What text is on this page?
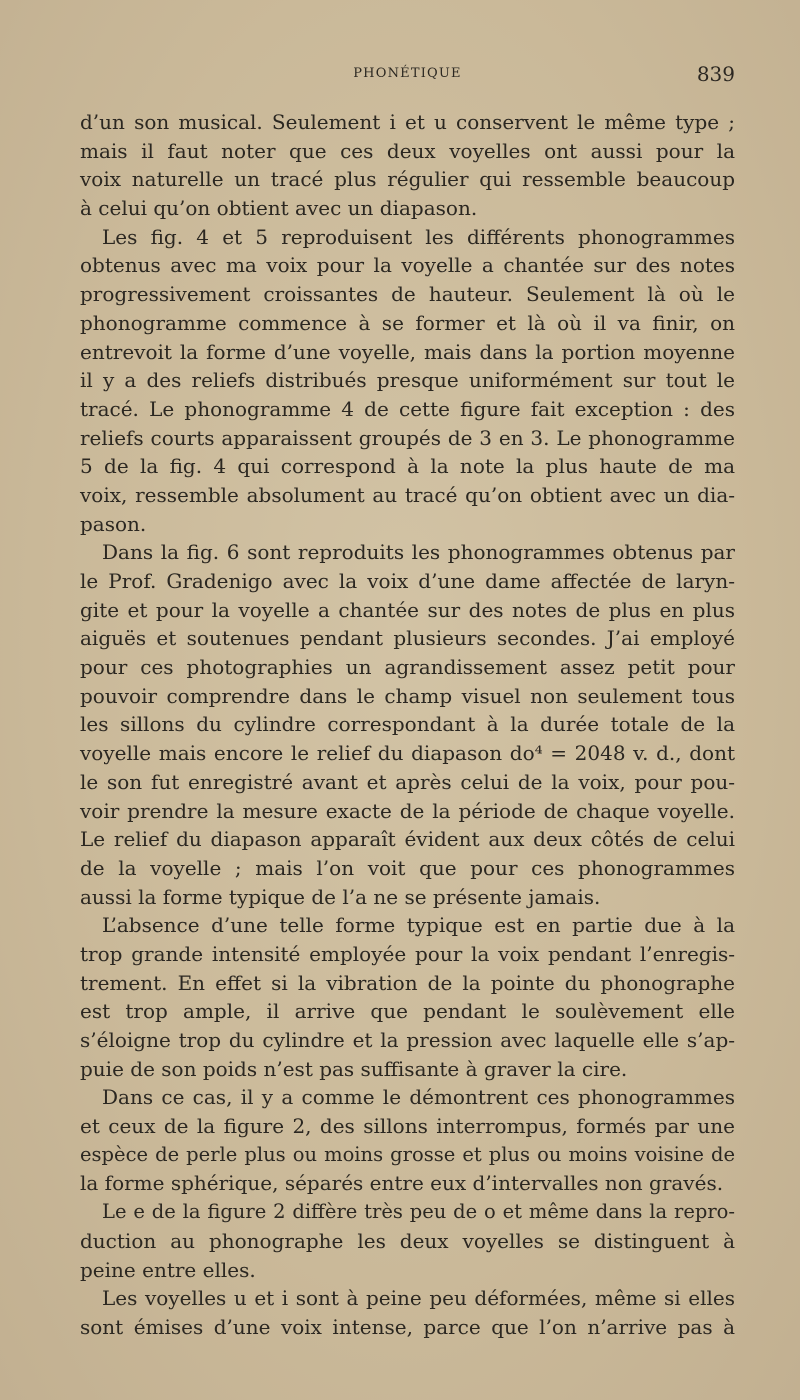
PHONÉTIQUE	839
d’un son musical. Seulement i et u conservent le même type ;
mais il faut noter que ces deux voyelles ont aussi pour la
voix naturelle un tracé plus régulier qui ressemble beaucoup
à celui qu’on obtient avec un diapason.
Les fig. 4 et 5 reproduisent les différents phonogrammes
obtenus avec ma voix pour la voyelle a chantée sur des notes
progressivement croissantes de hauteur. Seulement là où le
phonogramme commence à se former et là où il va finir, on
entrevoit la forme d’une voyelle, mais dans la portion moyenne
il y a des reliefs distribués presque uniformément sur tout le
tracé. Le phonogramme 4 de cette figure fait exception : des
reliefs courts apparaissent groupés de 3 en 3. Le phonogramme
5 de la fig. 4 qui correspond à la note la plus haute de ma
voix, ressemble absolument au tracé qu’on obtient avec un dia-
pason.
Dans la fig. 6 sont reproduits les phonogrammes obtenus par
le Prof. Gradenigo avec la voix d’une dame affectée de laryn-
gite et pour la voyelle a chantée sur des notes de plus en plus
aiguës et soutenues pendant plusieurs secondes. J’ai employé
pour ces photographies un agrandissement assez petit pour
pouvoir comprendre dans le champ visuel non seulement tous
les sillons du cylindre correspondant à la durée totale de la
voyelle mais encore le relief du diapason do⁴ = 2048 v. d., dont
le son fut enregistré avant et après celui de la voix, pour pou-
voir prendre la mesure exacte de la période de chaque voyelle.
Le relief du diapason apparaît évident aux deux côtés de celui
de la voyelle ; mais l’on voit que pour ces phonogrammes
aussi la forme typique de l’a ne se présente jamais.
L’absence d’une telle forme typique est en partie due à la
trop grande intensité employée pour la voix pendant l’enregis-
trement. En effet si la vibration de la pointe du phonographe
est trop ample, il arrive que pendant le soulèvement elle
s’éloigne trop du cylindre et la pression avec laquelle elle s’ap-
puie de son poids n’est pas suffisante à graver la cire.
Dans ce cas, il y a comme le démontrent ces phonogrammes
et ceux de la figure 2, des sillons interrompus, formés par une
espèce de perle plus ou moins grosse et plus ou moins voisine de
la forme sphérique, séparés entre eux d’intervalles non gravés.
Le e de la figure 2 diffère très peu de o et même dans la repro-
duction au phonographe les deux voyelles se distinguent à
peine entre elles.
Les voyelles u et i sont à peine peu déformées, même si elles
sont émises d’une voix intense, parce que l’on n’arrive pas à
